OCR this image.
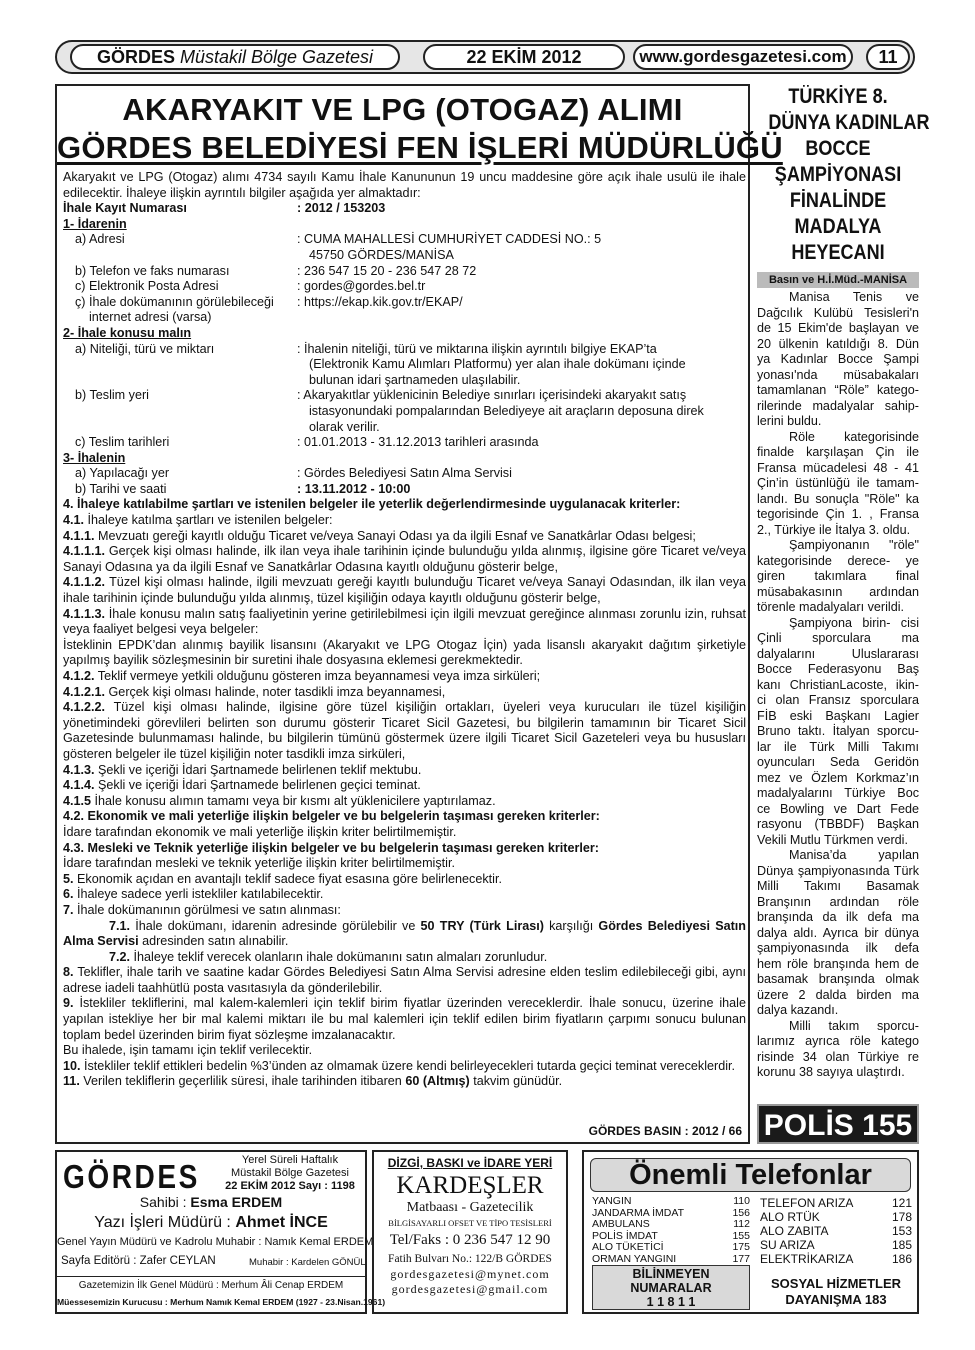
GÖRDES Müstakil Bölge Gazetesi	22 EKİM 2012	www.gordesgazetesi.com	11
AKARYAKIT VE LPG (OTOGAZ) ALIMI
GÖRDES BELEDİYESİ FEN İŞLERİ MÜDÜRLÜĞÜ

Akaryakıt ve LPG (Otogaz) alımı 4734 sayılı Kamu İhale Kanununun 19 uncu maddesine göre açık ihale usulü ile ihale edilecektir. İhaleye ilişkin ayrıntılı bilgiler aşağıda yer almaktadır:

İhale Kayıt Numarası	: 2012 / 153203

1- İdarenin

a) Adresi	: CUMA MAHALLESİ CUMHURİYET CADDESİ NO.: 5
45750 GÖRDES/MANİSA
b) Telefon ve faks numarası	: 236 547 15 20 - 236 547 28 72
c) Elektronik Posta Adresi	: gordes@gordes.bel.tr
ç) İhale dokümanının görülebileceği
internet adresi (varsa)
: https://ekap.kik.gov.tr/EKAP/

2- İhale konusu malın

a) Niteliği, türü ve miktarı	: İhalenin niteliği, türü ve miktarına ilişkin ayrıntılı bilgiye EKAP’ta
(Elektronik Kamu Alımları Platformu) yer alan ihale dokümanı içinde
bulunan idari şartnameden ulaşılabilir.
b) Teslim yeri	: Akaryakıtlar yüklenicinin Belediye sınırları içerisindeki akaryakıt satış
istasyonundaki pompalarından Belediyeye ait araçların deposuna direk
olarak verilir.
c) Teslim tarihleri	: 01.01.2013 - 31.12.2013 tarihleri arasında

3- İhalenin

a) Yapılacağı yer	: Gördes Belediyesi Satın Alma Servisi
b) Tarihi ve saati	: 13.11.2012 - 10:00

4. İhaleye katılabilme şartları ve istenilen belgeler ile yeterlik değerlendirmesinde uygulanacak kriterler:

4.1. İhaleye katılma şartları ve istenilen belgeler:

4.1.1. Mevzuatı gereği kayıtlı olduğu Ticaret ve/veya Sanayi Odası ya da ilgili Esnaf ve Sanatkârlar Odası belgesi;

4.1.1.1. Gerçek kişi olması halinde, ilk ilan veya ihale tarihinin içinde bulunduğu yılda alınmış, ilgisine göre Ticaret ve/veya Sanayi Odasına ya da ilgili Esnaf ve Sanatkârlar Odasına kayıtlı olduğunu gösterir belge,

4.1.1.2. Tüzel kişi olması halinde, ilgili mevzuatı gereği kayıtlı bulunduğu Ticaret ve/veya Sanayi Odasından, ilk ilan veya ihale tarihinin içinde bulunduğu yılda alınmış, tüzel kişiliğin odaya kayıtlı olduğunu gösterir belge,

4.1.1.3. İhale konusu malın satış faaliyetinin yerine getirilebilmesi için ilgili mevzuat gereğince alınması zorunlu izin, ruhsat veya faaliyet belgesi veya belgeler:

İsteklinin EPDK’dan alınmış bayilik lisansını (Akaryakıt ve LPG Otogaz İçin) yada lisanslı akaryakıt dağıtım şirketiyle yapılmış bayilik sözleşmesinin bir suretini ihale dosyasına eklemesi gerekmektedir.

4.1.2. Teklif vermeye yetkili olduğunu gösteren imza beyannamesi veya imza sirküleri;

4.1.2.1. Gerçek kişi olması halinde, noter tasdikli imza beyannamesi,

4.1.2.2. Tüzel kişi olması halinde, ilgisine göre tüzel kişiliğin ortakları, üyeleri veya kurucuları ile tüzel kişiliğin yönetimindeki görevlileri belirten son durumu gösterir Ticaret Sicil Gazetesi, bu bilgilerin tamamının bir Ticaret Sicil Gazetesinde bulunmaması halinde, bu bilgilerin tümünü göstermek üzere ilgili Ticaret Sicil Gazeteleri veya bu hususları gösteren belgeler ile tüzel kişiliğin noter tasdikli imza sirküleri,

4.1.3. Şekli ve içeriği İdari Şartnamede belirlenen teklif mektubu.

4.1.4. Şekli ve içeriği İdari Şartnamede belirlenen geçici teminat.

4.1.5 İhale konusu alımın tamamı veya bir kısmı alt yüklenicilere yaptırılamaz.

4.2. Ekonomik ve mali yeterliğe ilişkin belgeler ve bu belgelerin taşıması gereken kriterler:

İdare tarafından ekonomik ve mali yeterliğe ilişkin kriter belirtilmemiştir.

4.3. Mesleki ve Teknik yeterliğe ilişkin belgeler ve bu belgelerin taşıması gereken kriterler:

İdare tarafından mesleki ve teknik yeterliğe ilişkin kriter belirtilmemiştir.

5. Ekonomik açıdan en avantajlı teklif sadece fiyat esasına göre belirlenecektir.

6. İhaleye sadece yerli istekliler katılabilecektir.

7. İhale dokümanının görülmesi ve satın alınması:

7.1. İhale dokümanı, idarenin adresinde görülebilir ve 50 TRY (Türk Lirası) karşılığı Gördes Belediyesi Satın Alma Servisi adresinden satın alınabilir.

7.2. İhaleye teklif verecek olanların ihale dokümanını satın almaları zorunludur.

8. Teklifler, ihale tarih ve saatine kadar Gördes Belediyesi Satın Alma Servisi adresine elden teslim edilebileceği gibi, aynı adrese iadeli taahhütlü posta vasıtasıyla da gönderilebilir.

9. İstekliler tekliflerini, mal kalem-kalemleri için teklif birim fiyatlar üzerinden vereceklerdir. İhale sonucu, üzerine ihale yapılan istekliye her bir mal kalemi miktarı ile bu mal kalemleri için teklif edilen birim fiyatların çarpımı sonucu bulunan toplam bedel üzerinden birim fiyat sözleşme imzalanacaktır.

Bu ihalede, işin tamamı için teklif verilecektir.

10. İstekliler teklif ettikleri bedelin %3’ünden az olmamak üzere kendi belirleyecekleri tutarda geçici teminat vereceklerdir.

11. Verilen tekliflerin geçerlilik süresi, ihale tarihinden itibaren 60 (Altmış) takvim günüdür.

GÖRDES BASIN : 2012 / 66
TÜRKİYE 8.
DÜNYA KADINLAR
BOCCE
ŞAMPİYONASI
FİNALİNDE
MADALYA
HEYECANI
Basın ve H.İ.Müd.-MANİSA

Manisa Tenis ve Dağcılık Kulübü Tesisleri'n de 15 Ekim'de başlayan ve 20 ülkenin katıldığı 8. Dün ya Kadınlar Bocce Şampi yonası'nda müsabakaları tamamlanan “Röle” katego- rilerinde madalyalar sahip- lerini buldu.

Röle kategorisinde finalde karşılaşan Çin ile Fransa mücadelesi 48 - 41 Çin’in üstünlüğü ile tamam- landı. Bu sonuçla "Röle" ka tegorisinde Çin 1. , Fransa 2., Türkiye ile İtalya 3. oldu.

Şampiyonanın "röle" kategorisinde derece- ye giren takımlara final müsabakasının ardından törenle madalyaları verildi.

Şampiyona birin- cisi Çinli sporculara ma dalyalarını Uluslararası Bocce Federasyonu Baş kanı ChristianLacoste, ikin- ci olan Fransız sporculara FİB eski Başkanı Lagier Bruno taktı. İtalyan sporcu- lar ile Türk Milli Takımı oyuncuları Seda Geridön mez ve Özlem Korkmaz’ın madalyalarını Türkiye Boc ce Bowling ve Dart Fede rasyonu (TBBDF) Başkan Vekili Mutlu Türkmen verdi.

Manisa’da yapılan Dünya şampiyonasında Türk Milli Takımı Basamak Branşının ardından röle branşında da ilk defa ma dalya aldı. Ayrıca bir dünya şampiyonasında ilk defa hem röle branşında hem de basamak branşında olmak üzere 2 dalda birden ma dalya kazandı.

Milli takım sporcu- larımız ayrıca röle katego risinde 34 olan Türkiye re korunu 38 sayıya ulaştırdı.

POLİS 155
GÖRDES	Yerel Süreli Haftalık
Müstakil Bölge Gazetesi
22 EKİM 2012 Sayı : 1198
Sahibi : Esma ERDEM
Yazı İşleri Müdürü : Ahmet İNCE
Genel Yayın Müdürü ve Kadrolu Muhabir : Namık Kemal ERDEM
Sayfa Editörü : Zafer CEYLAN	Muhabir : Kardelen GÖNÜL
Gazetemizin İlk Genel Müdürü : Merhum Âli Cenap ERDEM
Müessesemizin Kurucusu : Merhum Namık Kemal ERDEM (1927 - 23.Nisan.1961)
DİZGİ, BASKI ve İDARE YERİ
KARDEŞLER
Matbaası - Gazetecilik
BİLGİSAYARLI OFSET VE TİPO TESİSLERİ
Tel/Faks : 0 236 547 12 90
Fatih Bulvarı No.: 122/B GÖRDES
gordesgazetesi@mynet.com
gordesgazetesi@gmail.com
Önemli Telefonlar
YANGIN	110
JANDARMA İMDAT	156
AMBULANS	112
POLİS İMDAT	155
ALO TÜKETİCİ	175
ORMAN YANGINI	177
TELEFON ARIZA	121
ALO RTÜK	178
ALO ZABITA	153
SU ARIZA	185
ELEKTRİKARIZA	186
BİLİNMEYEN
NUMARALAR
1 1 8 1 1
SOSYAL HİZMETLER
DAYANIŞMA 183
